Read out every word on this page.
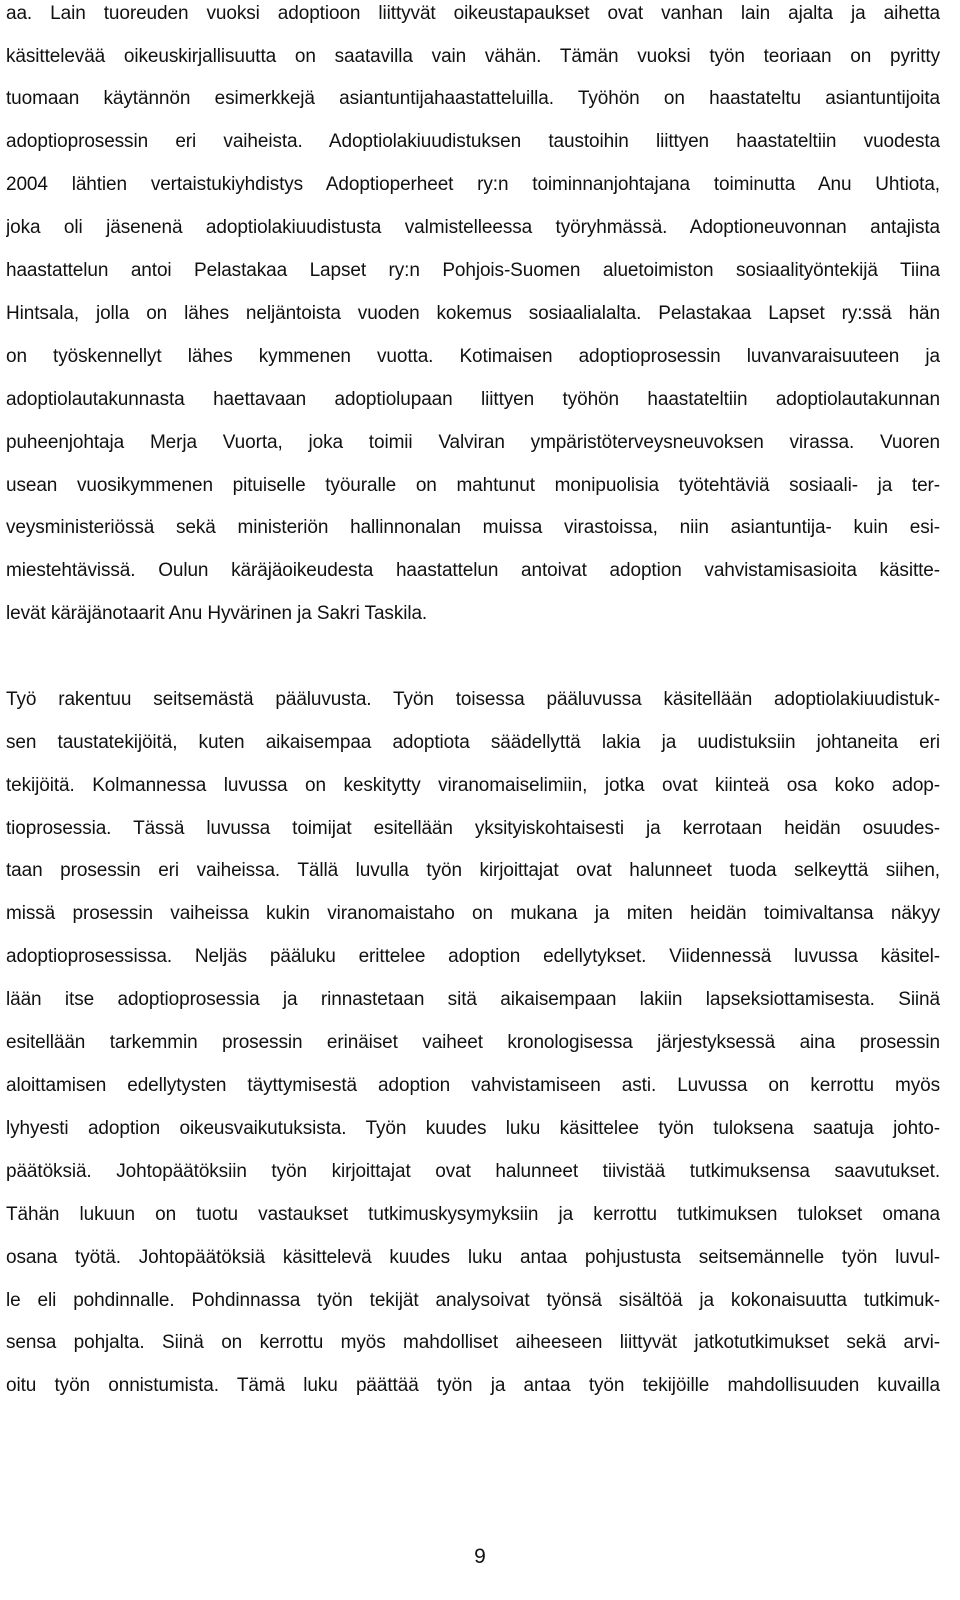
aa. Lain tuoreuden vuoksi adoptioon liittyvät oikeustapaukset ovat vanhan lain ajalta ja aihetta
käsittelevää oikeuskirjallisuutta on saatavilla vain vähän. Tämän vuoksi työn teoriaan on pyritty
tuomaan käytännön esimerkkejä asiantuntijahaastatteluilla. Työhön on haastateltu asiantuntijoita
adoptioprosessin eri vaiheista. Adoptiolakiuudistuksen taustoihin liittyen haastateltiin vuodesta
2004 lähtien vertaistukiyhdistys Adoptioperheet ry:n toiminnanjohtajana toiminutta Anu Uhtiota,
joka oli jäsenenä adoptiolakiuudistusta valmistelleessa työryhmässä. Adoptioneuvonnan antajista
haastattelun antoi Pelastakaa Lapset ry:n Pohjois-Suomen aluetoimiston sosiaalityöntekijä Tiina
Hintsala, jolla on lähes neljäntoista vuoden kokemus sosiaalialalta. Pelastakaa Lapset ry:ssä hän
on työskennellyt lähes kymmenen vuotta. Kotimaisen adoptioprosessin luvanvaraisuuteen ja
adoptiolautakunnasta haettavaan adoptiolupaan liittyen työhön haastateltiin adoptiolautakunnan
puheenjohtaja Merja Vuorta, joka toimii Valviran ympäristöterveysneuvoksen virassa. Vuoren
usean vuosikymmenen pituiselle työuralle on mahtunut monipuolisia työtehtäviä sosiaali- ja ter-
veysministeriössä sekä ministeriön hallinnonalan muissa virastoissa, niin asiantuntija- kuin esi-
miestehtävissä. Oulun käräjäoikeudesta haastattelun antoivat adoption vahvistamisasioita käsitte-
levät käräjänotaarit Anu Hyvärinen ja Sakri Taskila.
Työ rakentuu seitsemästä pääluvusta. Työn toisessa pääluvussa käsitellään adoptiolakiuudistuk-
sen taustatekijöitä, kuten aikaisempaa adoptiota säädellyttä lakia ja uudistuksiin johtaneita eri
tekijöitä. Kolmannessa luvussa on keskitytty viranomaiselimiin, jotka ovat kiinteä osa koko adop-
tioprosessia. Tässä luvussa toimijat esitellään yksityiskohtaisesti ja kerrotaan heidän osuudes-
taan prosessin eri vaiheissa. Tällä luvulla työn kirjoittajat ovat halunneet tuoda selkeyttä siihen,
missä prosessin vaiheissa kukin viranomaistaho on mukana ja miten heidän toimivaltansa näkyy
adoptioprosessissa. Neljäs pääluku erittelee adoption edellytykset. Viidennessä luvussa käsitel-
lään itse adoptioprosessia ja rinnastetaan sitä aikaisempaan lakiin lapseksiottamisesta. Siinä
esitellään tarkemmin prosessin erinäiset vaiheet kronologisessa järjestyksessä aina prosessin
aloittamisen edellytysten täyttymisestä adoption vahvistamiseen asti. Luvussa on kerrottu myös
lyhyesti adoption oikeusvaikutuksista. Työn kuudes luku käsittelee työn tuloksena saatuja johto-
päätöksiä. Johtopäätöksiin työn kirjoittajat ovat halunneet tiivistää tutkimuksensa saavutukset.
Tähän lukuun on tuotu vastaukset tutkimuskysymyksiin ja kerrottu tutkimuksen tulokset omana
osana työtä. Johtopäätöksiä käsittelevä kuudes luku antaa pohjustusta seitsemännelle työn luvul-
le eli pohdinnalle. Pohdinnassa työn tekijät analysoivat työnsä sisältöä ja kokonaisuutta tutkimuk-
sensa pohjalta. Siinä on kerrottu myös mahdolliset aiheeseen liittyvät jatkotutkimukset sekä arvi-
oitu työn onnistumista. Tämä luku päättää työn ja antaa työn tekijöille mahdollisuuden kuvailla
9
